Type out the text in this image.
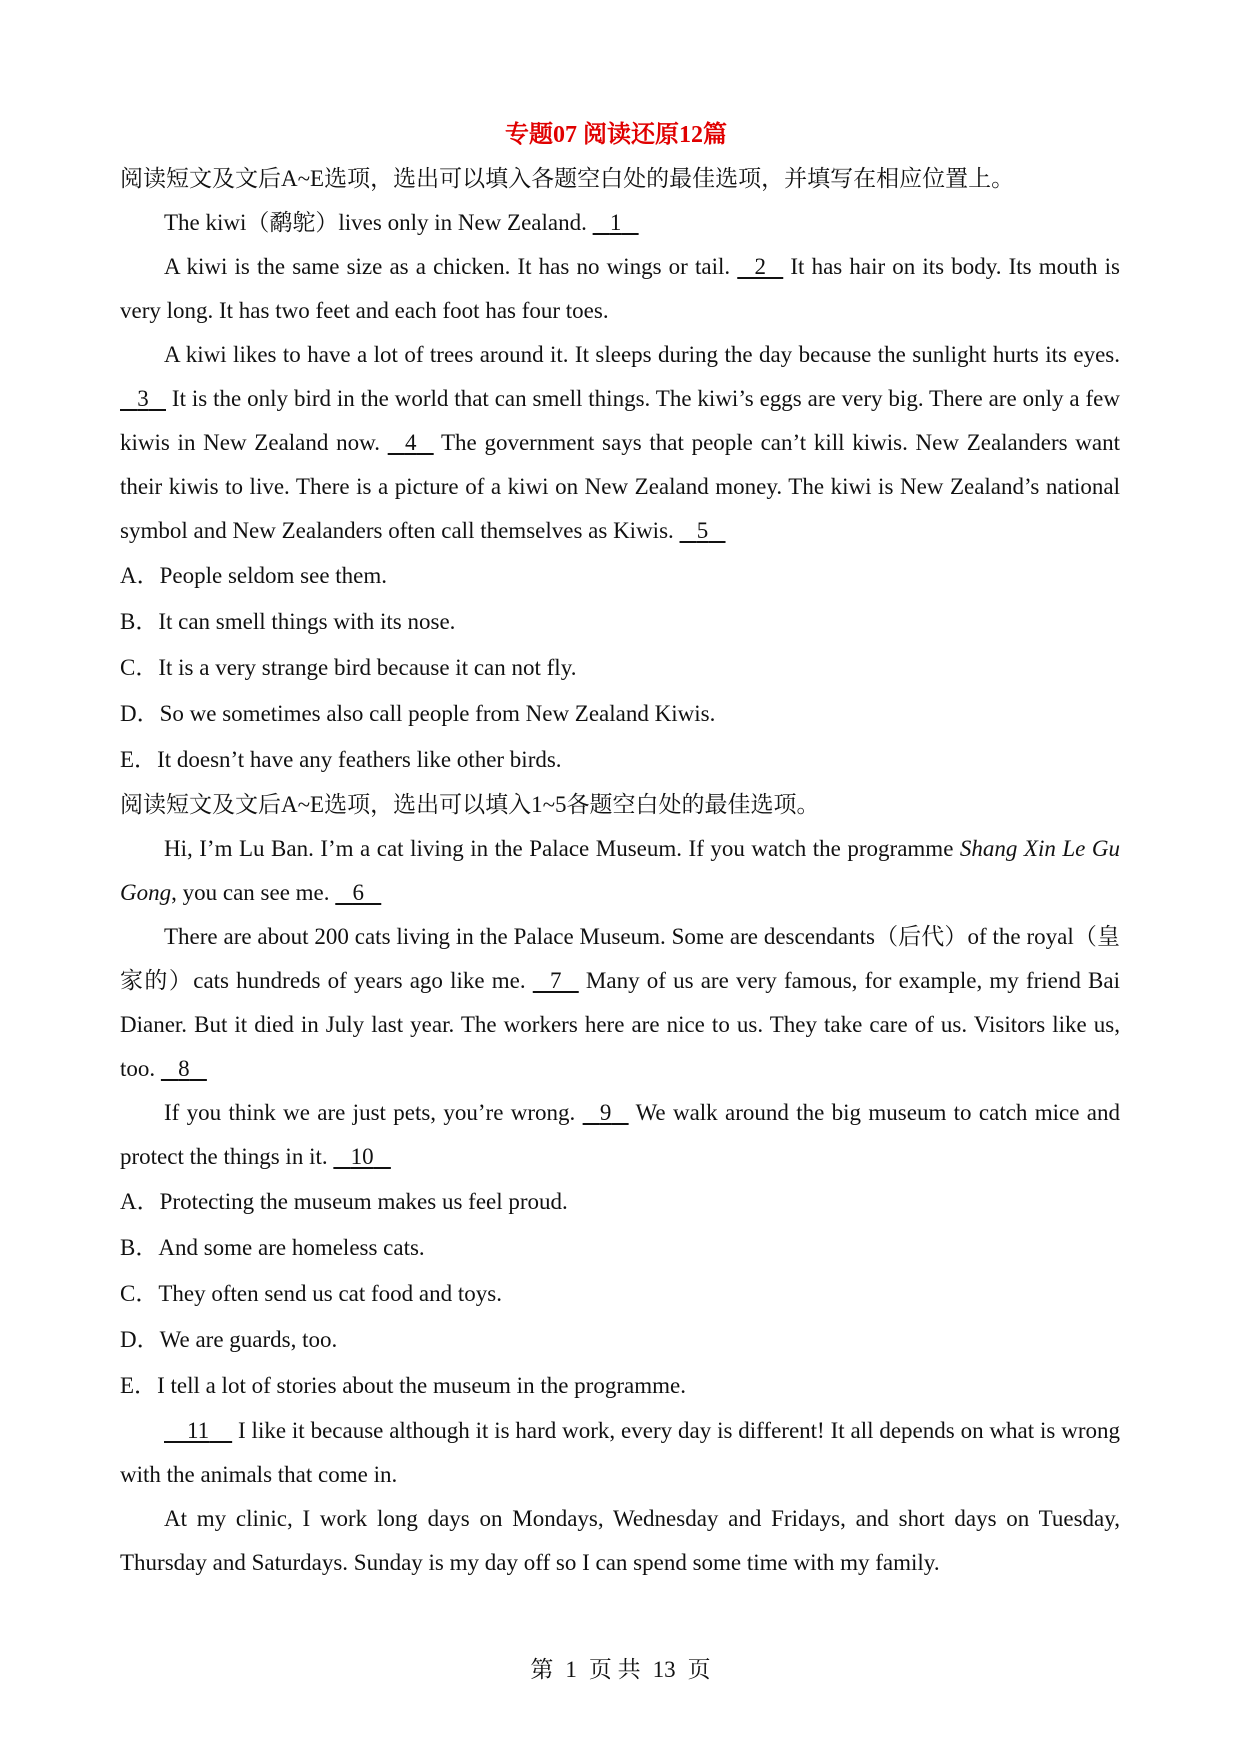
专题07 阅读还原12篇

阅读短文及文后A~E选项，选出可以填入各题空白处的最佳选项，并填写在相应位置上。

The kiwi（鹬鸵）lives only in New Zealand. 1

A kiwi is the same size as a chicken. It has no wings or tail. 2 It has hair on its body. Its mouth is very long. It has two feet and each foot has four toes.

A kiwi likes to have a lot of trees around it. It sleeps during the day because the sunlight hurts its eyes.    3 It is the only bird in the world that can smell things. The kiwi’s eggs are very big. There are only a few kiwis in New Zealand now. 4 The government says that people can’t kill kiwis. New Zealanders want their kiwis to live. There is a picture of a kiwi on New Zealand money. The kiwi is New Zealand’s national symbol and New Zealanders often call themselves as Kiwis. 5

A．People seldom see them.

B．It can smell things with its nose.

C．It is a very strange bird because it can not fly.

D．So we sometimes also call people from New Zealand Kiwis.

E．It doesn’t have any feathers like other birds.

阅读短文及文后A~E选项，选出可以填入1~5各题空白处的最佳选项。

Hi, I’m Lu Ban. I’m a cat living in the Palace Museum. If you watch the programme Shang Xin Le Gu Gong, you can see me. 6

There are about 200 cats living in the Palace Museum. Some are descendants（后代）of the royal（皇家的）cats hundreds of years ago like me. 7 Many of us are very famous, for example, my friend Bai Dianer. But it died in July last year. The workers here are nice to us. They take care of us. Visitors like us, too. 8

If you think we are just pets, you’re wrong. 9 We walk around the big museum to catch mice and protect the things in it. 10

A．Protecting the museum makes us feel proud.

B．And some are homeless cats.

C．They often send us cat food and toys.

D．We are guards, too.

E．I tell a lot of stories about the museum in the programme.

11 I like it because although it is hard work, every day is different! It all depends on what is wrong with the animals that come in.

At my clinic, I work long days on Mondays, Wednesday and Fridays, and short days on Tuesday, Thursday and Saturdays. Sunday is my day off so I can spend some time with my family.

第 1 页 共 13 页
